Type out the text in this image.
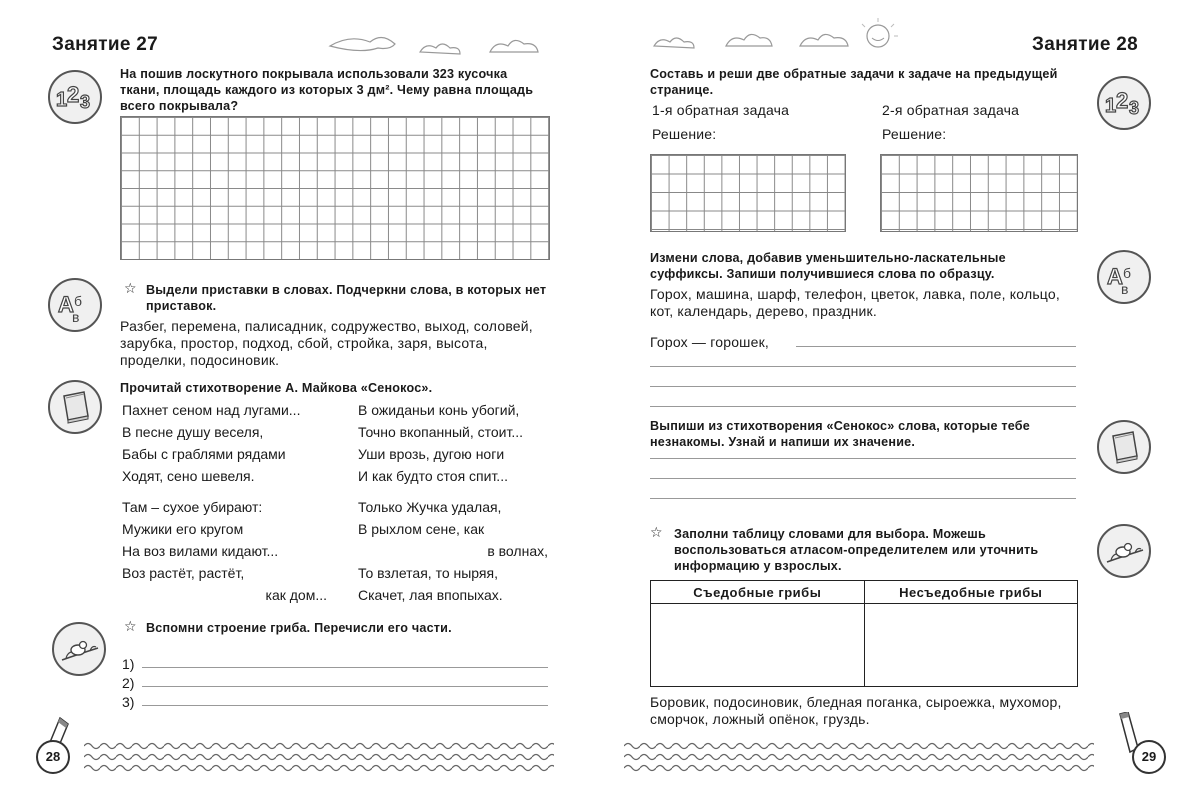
Занятие 27
1 2 3
На пошив лоскутного покрывала использовали 323 кусочка ткани, площадь каждого из которых 3 дм². Чему равна площадь всего покрывала?
А б
в
☆ Выдели приставки в словах. Подчеркни слова, в которых нет приставок.
Разбег, перемена, палисадник, содружество, выход, соловей, зарубка, простор, подход, сбой, стройка, заря, высота, проделки, подосиновик.
Прочитай стихотворение А. Майкова «Сенокос».
Пахнет сеном над лугами...
В песне душу веселя,
Бабы с граблями рядами
Ходят, сено шевеля.
В ожиданьи конь убогий,
Точно вкопанный, стоит...
Уши врозь, дугою ноги
И как будто стоя спит...
Там – сухое убирают:
Мужики его кругом
На воз вилами кидают...
Воз растёт, растёт,
как дом...
Только Жучка удалая,
В рыхлом сене, как
в волнах,
То взлетая, то ныряя,
Скачет, лая впопыхах.
☆ Вспомни строение гриба. Перечисли его части.
1)
2)
3)
28
Занятие 28
Составь и реши две обратные задачи к задаче на предыдущей странице.
1 2 3
1-я обратная задача	2-я обратная задача
Решение:	Решение:
Измени слова, добавив уменьшительно-ласкательные суффиксы. Запиши получившиеся слова по образцу.	А б
в
Горох, машина, шарф, телефон, цветок, лавка, поле, кольцо, кот, календарь, дерево, праздник.
Горох — горошек,
Выпиши из стихотворения «Сенокос» слова, которые тебе незнакомы. Узнай и напиши их значение.
☆ Заполни таблицу словами для выбора. Можешь воспользоваться атласом-определителем или уточнить информацию у взрослых.
Съедобные грибы	Несъедобные грибы

Боровик, подосиновик, бледная поганка, сыроежка, мухомор, сморчок, ложный опёнок, груздь.
29
